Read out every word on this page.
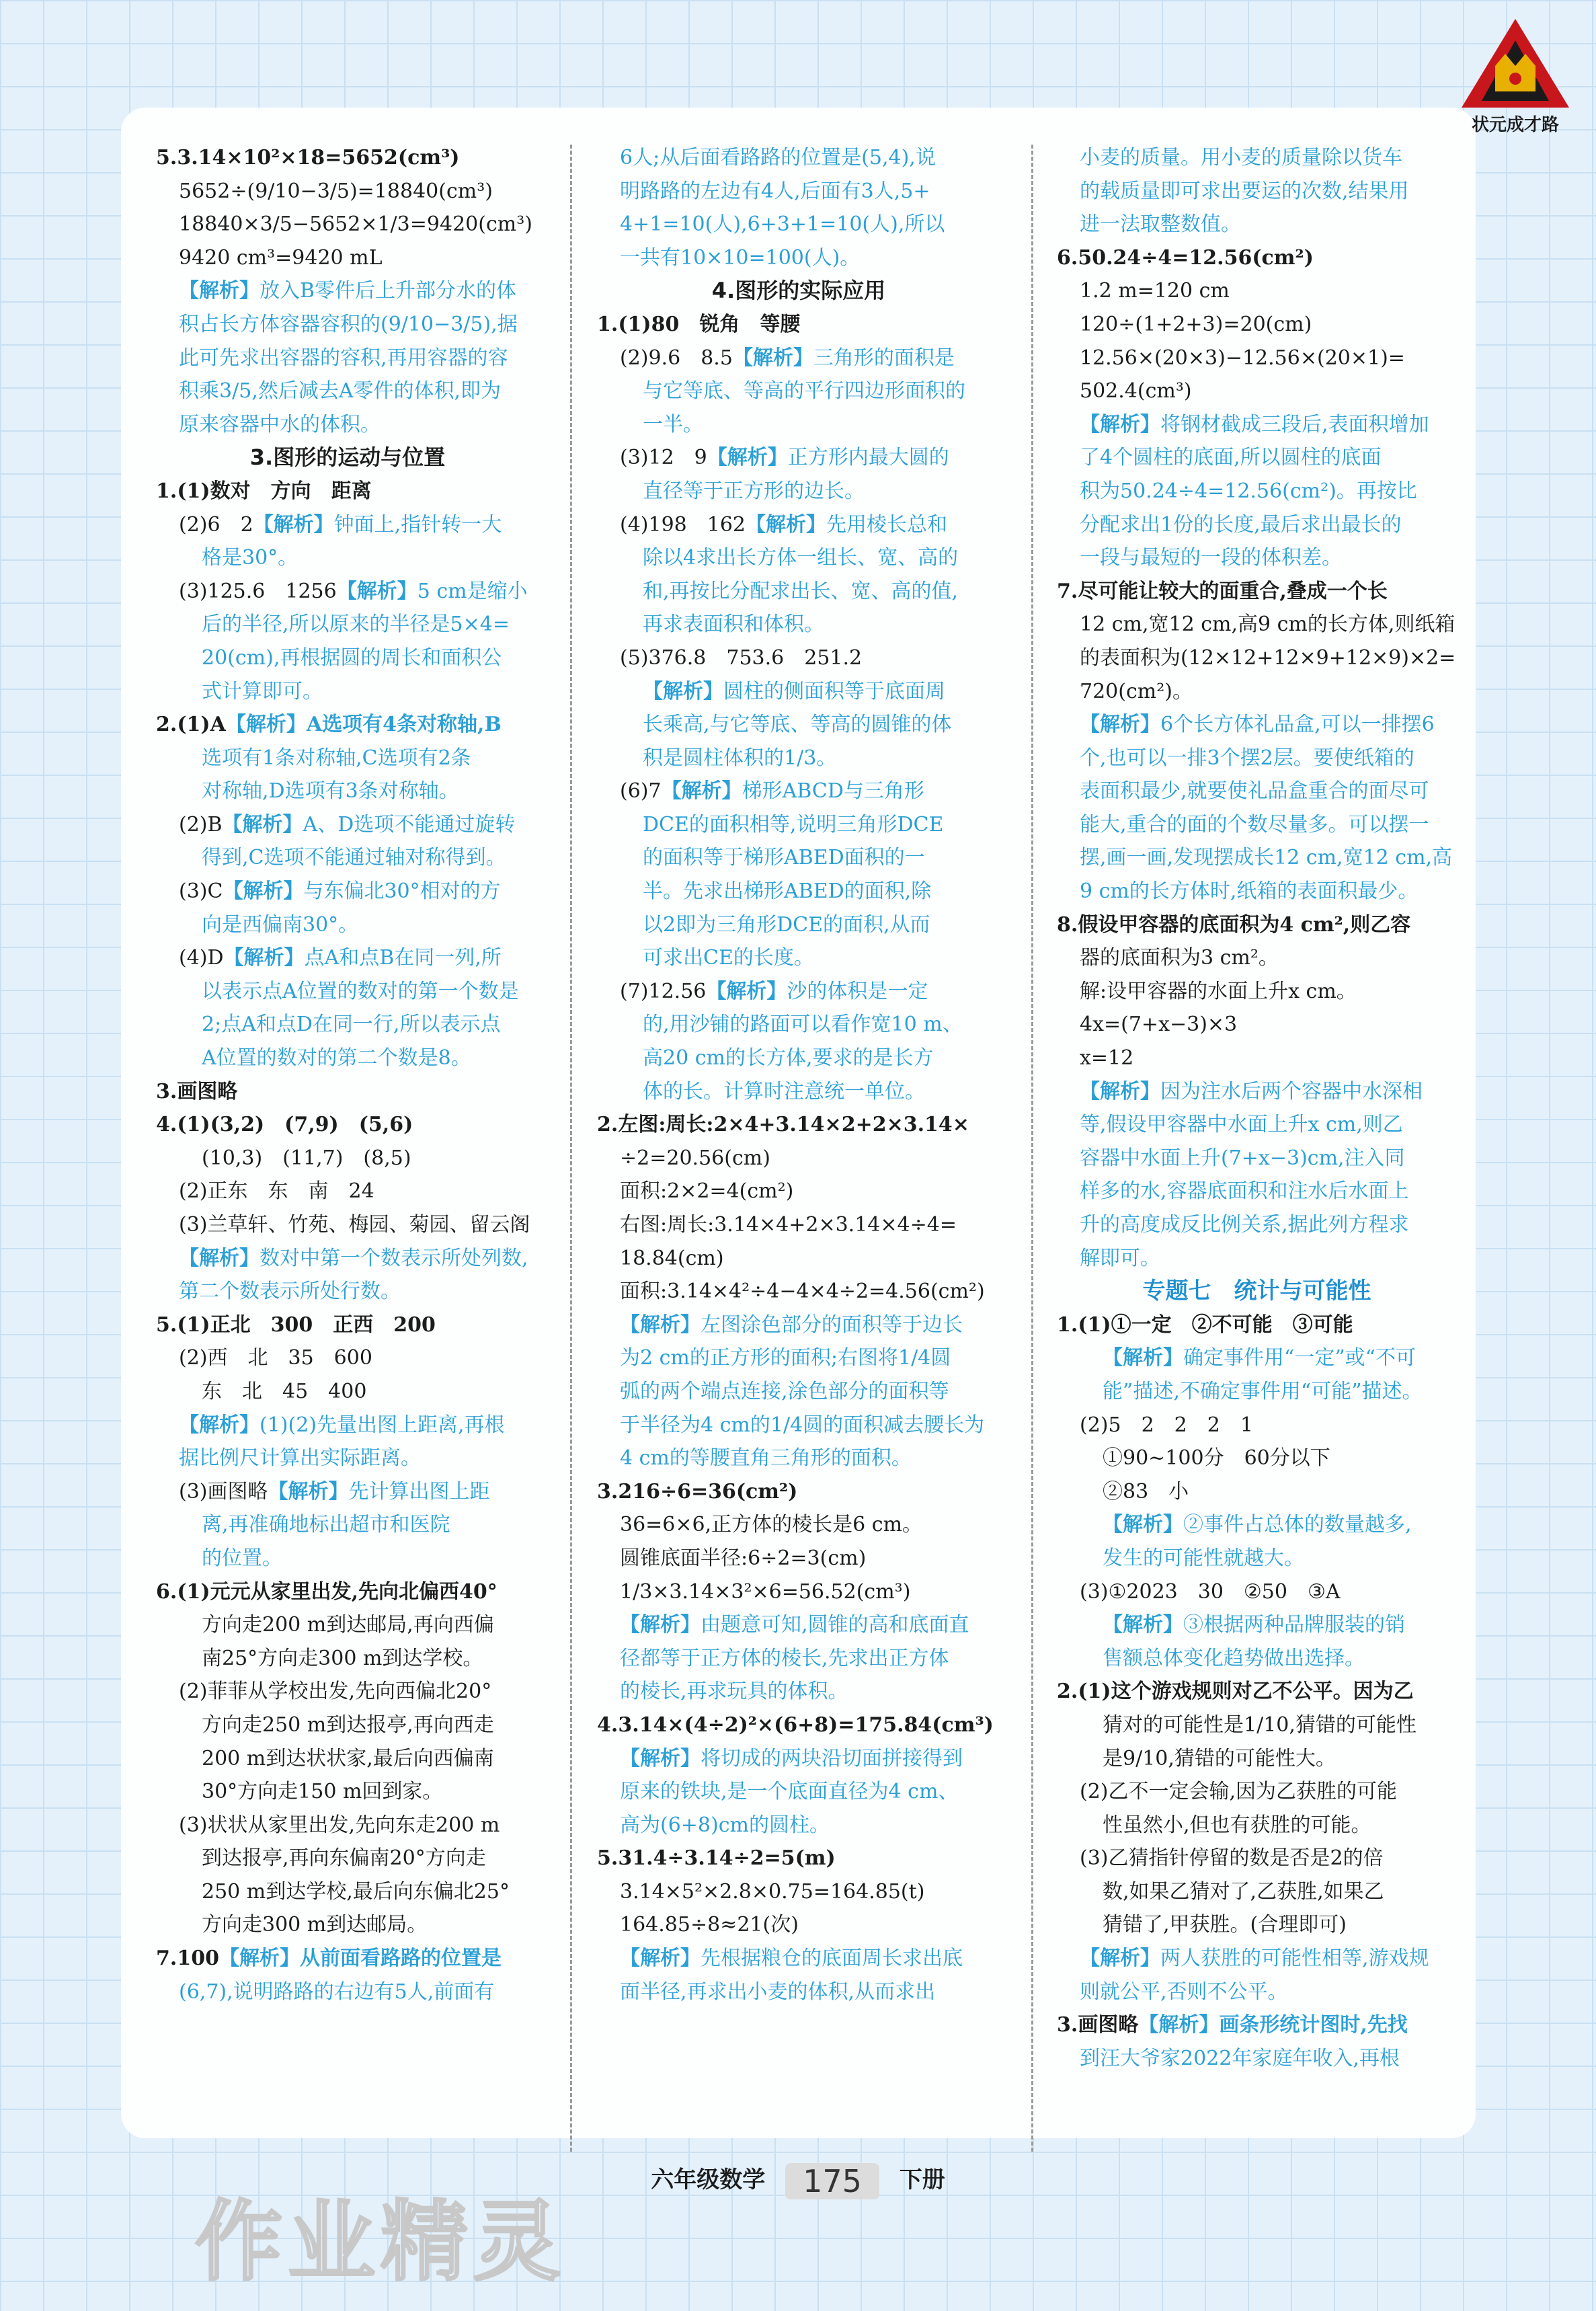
状元成才路
5.3.14×10²×18=5652(cm³)
5652÷(9/10−3/5)=18840(cm³)
18840×3/5−5652×1/3=9420(cm³)
9420 cm³=9420 mL
【解析】放入B零件后上升部分水的体
积占长方体容器容积的(9/10−3/5),据
此可先求出容器的容积,再用容器的容
积乘3/5,然后减去A零件的体积,即为
原来容器中水的体积。
3.图形的运动与位置
1.(1)数对　方向　距离
(2)6　2【解析】钟面上,指针转一大
格是30°。
(3)125.6　1256【解析】5 cm是缩小
后的半径,所以原来的半径是5×4=
20(cm),再根据圆的周长和面积公
式计算即可。
2.(1)A【解析】A选项有4条对称轴,B
选项有1条对称轴,C选项有2条
对称轴,D选项有3条对称轴。
(2)B【解析】A、D选项不能通过旋转
得到,C选项不能通过轴对称得到。
(3)C【解析】与东偏北30°相对的方
向是西偏南30°。
(4)D【解析】点A和点B在同一列,所
以表示点A位置的数对的第一个数是
2;点A和点D在同一行,所以表示点
A位置的数对的第二个数是8。
3.画图略
4.(1)(3,2)　(7,9)　(5,6)
(10,3)　(11,7)　(8,5)
(2)正东　东　南　24
(3)兰草轩、竹苑、梅园、菊园、留云阁
【解析】数对中第一个数表示所处列数,
第二个数表示所处行数。
5.(1)正北　300　正西　200
(2)西　北　35　600
东　北　45　400
【解析】(1)(2)先量出图上距离,再根
据比例尺计算出实际距离。
(3)画图略【解析】先计算出图上距
离,再准确地标出超市和医院
的位置。
6.(1)元元从家里出发,先向北偏西40°
方向走200 m到达邮局,再向西偏
南25°方向走300 m到达学校。
(2)菲菲从学校出发,先向西偏北20°
方向走250 m到达报亭,再向西走
200 m到达状状家,最后向西偏南
30°方向走150 m回到家。
(3)状状从家里出发,先向东走200 m
到达报亭,再向东偏南20°方向走
250 m到达学校,最后向东偏北25°
方向走300 m到达邮局。
7.100【解析】从前面看路路的位置是
(6,7),说明路路的右边有5人,前面有
6人;从后面看路路的位置是(5,4),说
明路路的左边有4人,后面有3人,5+
4+1=10(人),6+3+1=10(人),所以
一共有10×10=100(人)。
4.图形的实际应用
1.(1)80　锐角　等腰
(2)9.6　8.5【解析】三角形的面积是
与它等底、等高的平行四边形面积的
一半。
(3)12　9【解析】正方形内最大圆的
直径等于正方形的边长。
(4)198　162【解析】先用棱长总和
除以4求出长方体一组长、宽、高的
和,再按比分配求出长、宽、高的值,
再求表面积和体积。
(5)376.8　753.6　251.2
【解析】圆柱的侧面积等于底面周
长乘高,与它等底、等高的圆锥的体
积是圆柱体积的1/3。
(6)7【解析】梯形ABCD与三角形
DCE的面积相等,说明三角形DCE
的面积等于梯形ABED面积的一
半。先求出梯形ABED的面积,除
以2即为三角形DCE的面积,从而
可求出CE的长度。
(7)12.56【解析】沙的体积是一定
的,用沙铺的路面可以看作宽10 m、
高20 cm的长方体,要求的是长方
体的长。计算时注意统一单位。
2.左图:周长:2×4+3.14×2+2×3.14×
÷2=20.56(cm)
面积:2×2=4(cm²)
右图:周长:3.14×4+2×3.14×4÷4=
18.84(cm)
面积:3.14×4²÷4−4×4÷2=4.56(cm²)
【解析】左图涂色部分的面积等于边长
为2 cm的正方形的面积;右图将1/4圆
弧的两个端点连接,涂色部分的面积等
于半径为4 cm的1/4圆的面积减去腰长为
4 cm的等腰直角三角形的面积。
3.216÷6=36(cm²)
36=6×6,正方体的棱长是6 cm。
圆锥底面半径:6÷2=3(cm)
1/3×3.14×3²×6=56.52(cm³)
【解析】由题意可知,圆锥的高和底面直
径都等于正方体的棱长,先求出正方体
的棱长,再求玩具的体积。
4.3.14×(4÷2)²×(6+8)=175.84(cm³)
【解析】将切成的两块沿切面拼接得到
原来的铁块,是一个底面直径为4 cm、
高为(6+8)cm的圆柱。
5.31.4÷3.14÷2=5(m)
3.14×5²×2.8×0.75=164.85(t)
164.85÷8≈21(次)
【解析】先根据粮仓的底面周长求出底
面半径,再求出小麦的体积,从而求出
小麦的质量。用小麦的质量除以货车
的载质量即可求出要运的次数,结果用
进一法取整数值。
6.50.24÷4=12.56(cm²)
1.2 m=120 cm
120÷(1+2+3)=20(cm)
12.56×(20×3)−12.56×(20×1)=
502.4(cm³)
【解析】将钢材截成三段后,表面积增加
了4个圆柱的底面,所以圆柱的底面
积为50.24÷4=12.56(cm²)。再按比
分配求出1份的长度,最后求出最长的
一段与最短的一段的体积差。
7.尽可能让较大的面重合,叠成一个长
12 cm,宽12 cm,高9 cm的长方体,则纸箱
的表面积为(12×12+12×9+12×9)×2=
720(cm²)。
【解析】6个长方体礼品盒,可以一排摆6
个,也可以一排3个摆2层。要使纸箱的
表面积最少,就要使礼品盒重合的面尽可
能大,重合的面的个数尽量多。可以摆一
摆,画一画,发现摆成长12 cm,宽12 cm,高
9 cm的长方体时,纸箱的表面积最少。
8.假设甲容器的底面积为4 cm²,则乙容
器的底面积为3 cm²。
解:设甲容器的水面上升x cm。
4x=(7+x−3)×3
x=12
【解析】因为注水后两个容器中水深相
等,假设甲容器中水面上升x cm,则乙
容器中水面上升(7+x−3)cm,注入同
样多的水,容器底面积和注水后水面上
升的高度成反比例关系,据此列方程求
解即可。
专题七　统计与可能性
1.(1)①一定　②不可能　③可能
【解析】确定事件用“一定”或“不可
能”描述,不确定事件用“可能”描述。
(2)5　2　2　2　1
①90~100分　60分以下
②83　小
【解析】②事件占总体的数量越多,
发生的可能性就越大。
(3)①2023　30　②50　③A
【解析】③根据两种品牌服装的销
售额总体变化趋势做出选择。
2.(1)这个游戏规则对乙不公平。因为乙
猜对的可能性是1/10,猜错的可能性
是9/10,猜错的可能性大。
(2)乙不一定会输,因为乙获胜的可能
性虽然小,但也有获胜的可能。
(3)乙猜指针停留的数是否是2的倍
数,如果乙猜对了,乙获胜,如果乙
猜错了,甲获胜。(合理即可)
【解析】两人获胜的可能性相等,游戏规
则就公平,否则不公平。
3.画图略【解析】画条形统计图时,先找
到汪大爷家2022年家庭年收入,再根
六年级数学 175 下册
作业精灵
